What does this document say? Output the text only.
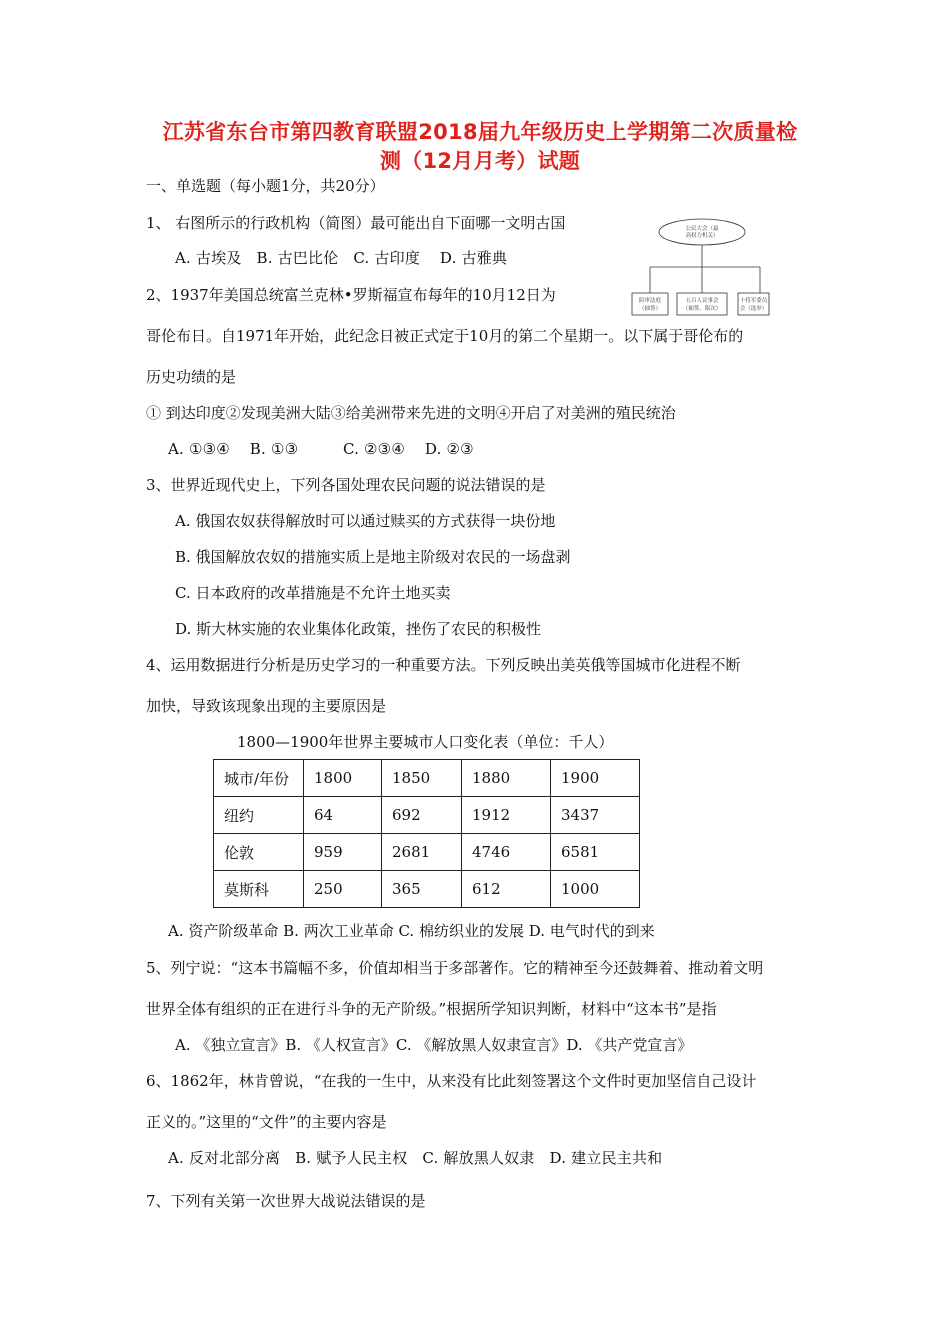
江苏省东台市第四教育联盟2018届九年级历史上学期第二次质量检
测（12月月考）试题
一、单选题（每小题1分，共20分）
1、 右图所示的行政机构（简图）最可能出自下面哪一文明古国
A. 古埃及   B. 古巴比伦   C. 古印度    D. 古雅典
公民大会（最
高权力机关）
陪审法庭
（抽签）
五百人议事会
（抽签、限次）
十将军委员
会（选举）
2、1937年美国总统富兰克林•罗斯福宣布每年的10月12日为
哥伦布日。自1971年开始，此纪念日被正式定于10月的第二个星期一。以下属于哥伦布的
历史功绩的是
① 到达印度②发现美洲大陆③给美洲带来先进的文明④开启了对美洲的殖民统治
A. ①③④    B. ①③         C. ②③④    D. ②③
3、世界近现代史上，下列各国处理农民问题的说法错误的是
A. 俄国农奴获得解放时可以通过赎买的方式获得一块份地
B. 俄国解放农奴的措施实质上是地主阶级对农民的一场盘剥
C. 日本政府的改革措施是不允许土地买卖
D. 斯大林实施的农业集体化政策，挫伤了农民的积极性
4、运用数据进行分析是历史学习的一种重要方法。下列反映出美英俄等国城市化进程不断
加快，导致该现象出现的主要原因是
1800—1900年世界主要城市人口变化表（单位：千人）
城市/年份	1800	1850	1880	1900
纽约	64	692	1912	3437
伦敦	959	2681	4746	6581
莫斯科	250	365	612	1000
A. 资产阶级革命 B. 两次工业革命 C. 棉纺织业的发展 D. 电气时代的到来
5、列宁说：“这本书篇幅不多，价值却相当于多部著作。它的精神至今还鼓舞着、推动着文明
世界全体有组织的正在进行斗争的无产阶级。”根据所学知识判断，材料中“这本书”是指
A. 《独立宣言》B. 《人权宣言》C. 《解放黑人奴隶宣言》D. 《共产党宣言》
6、1862年，林肯曾说，“在我的一生中，从来没有比此刻签署这个文件时更加坚信自己设计
正义的。”这里的“文件”的主要内容是
A. 反对北部分离   B. 赋予人民主权   C. 解放黑人奴隶   D. 建立民主共和
7、下列有关第一次世界大战说法错误的是
